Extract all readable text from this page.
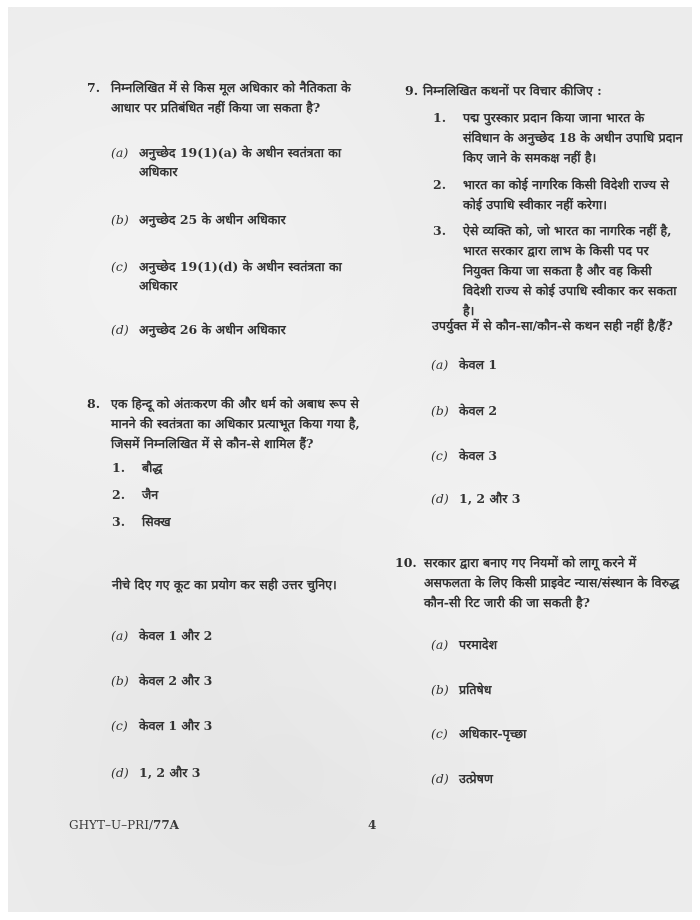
7. निम्नलिखित में से किस मूल अधिकार को नैतिकता के आधार पर प्रतिबंधित नहीं किया जा सकता है?
(a) अनुच्छेद 19(1)(a) के अधीन स्वतंत्रता का अधिकार
(b) अनुच्छेद 25 के अधीन अधिकार
(c) अनुच्छेद 19(1)(d) के अधीन स्वतंत्रता का अधिकार
(d) अनुच्छेद 26 के अधीन अधिकार
8. एक हिन्दू को अंतःकरण की और धर्म को अबाध रूप से मानने की स्वतंत्रता का अधिकार प्रत्याभूत किया गया है, जिसमें निम्नलिखित में से कौन-से शामिल हैं?
1.	बौद्ध
2.	जैन
3.	सिक्ख
नीचे दिए गए कूट का प्रयोग कर सही उत्तर चुनिए।
(a) केवल 1 और 2
(b) केवल 2 और 3
(c) केवल 1 और 3
(d) 1, 2 और 3
9. निम्नलिखित कथनों पर विचार कीजिए :
1.	पद्म पुरस्कार प्रदान किया जाना भारत के संविधान के अनुच्छेद 18 के अधीन उपाधि प्रदान किए जाने के समकक्ष नहीं है।
2.	भारत का कोई नागरिक किसी विदेशी राज्य से कोई उपाधि स्वीकार नहीं करेगा।
3.	ऐसे व्यक्ति को, जो भारत का नागरिक नहीं है, भारत सरकार द्वारा लाभ के किसी पद पर नियुक्त किया जा सकता है और वह किसी विदेशी राज्य से कोई उपाधि स्वीकार कर सकता है।
उपर्युक्त में से कौन-सा/कौन-से कथन सही नहीं है/हैं?
(a) केवल 1
(b) केवल 2
(c) केवल 3
(d) 1, 2 और 3
10. सरकार द्वारा बनाए गए नियमों को लागू करने में असफलता के लिए किसी प्राइवेट न्यास/संस्थान के विरुद्ध कौन-सी रिट जारी की जा सकती है?
(a) परमादेश
(b) प्रतिषेध
(c) अधिकार-पृच्छा
(d) उत्प्रेषण
GHYT–U–PRI/77A	4
